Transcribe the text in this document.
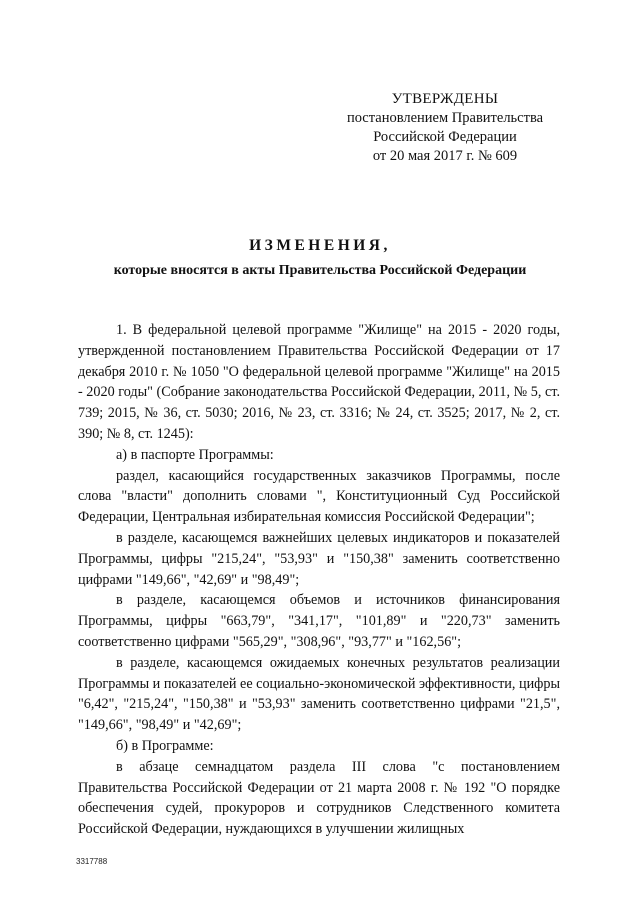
УТВЕРЖДЕНЫ
постановлением Правительства
Российской Федерации
от 20 мая 2017 г. № 609
ИЗМЕНЕНИЯ,
которые вносятся в акты Правительства Российской Федерации

1. В федеральной целевой программе "Жилище" на 2015 - 2020 годы, утвержденной постановлением Правительства Российской Федерации от 17 декабря 2010 г. № 1050 "О федеральной целевой программе "Жилище" на 2015 - 2020 годы" (Собрание законодательства Российской Федерации, 2011, № 5, ст. 739; 2015, № 36, ст. 5030; 2016, № 23, ст. 3316; № 24, ст. 3525; 2017, № 2, ст. 390; № 8, ст. 1245):

а) в паспорте Программы:

раздел, касающийся государственных заказчиков Программы, после слова "власти" дополнить словами ", Конституционный Суд Российской Федерации, Центральная избирательная комиссия Российской Федерации";

в разделе, касающемся важнейших целевых индикаторов и показателей Программы, цифры "215,24", "53,93" и "150,38" заменить соответственно цифрами "149,66", "42,69" и "98,49";

в разделе, касающемся объемов и источников финансирования Программы, цифры "663,79", "341,17", "101,89" и "220,73" заменить соответственно цифрами "565,29", "308,96", "93,77" и "162,56";

в разделе, касающемся ожидаемых конечных результатов реализации Программы и показателей ее социально-экономической эффективности, цифры "6,42", "215,24", "150,38" и "53,93" заменить соответственно цифрами "21,5", "149,66", "98,49" и "42,69";

б) в Программе:

в абзаце семнадцатом раздела III слова "с постановлением Правительства Российской Федерации от 21 марта 2008 г. № 192 "О порядке обеспечения судей, прокуроров и сотрудников Следственного комитета Российской Федерации, нуждающихся в улучшении жилищных

3317788
